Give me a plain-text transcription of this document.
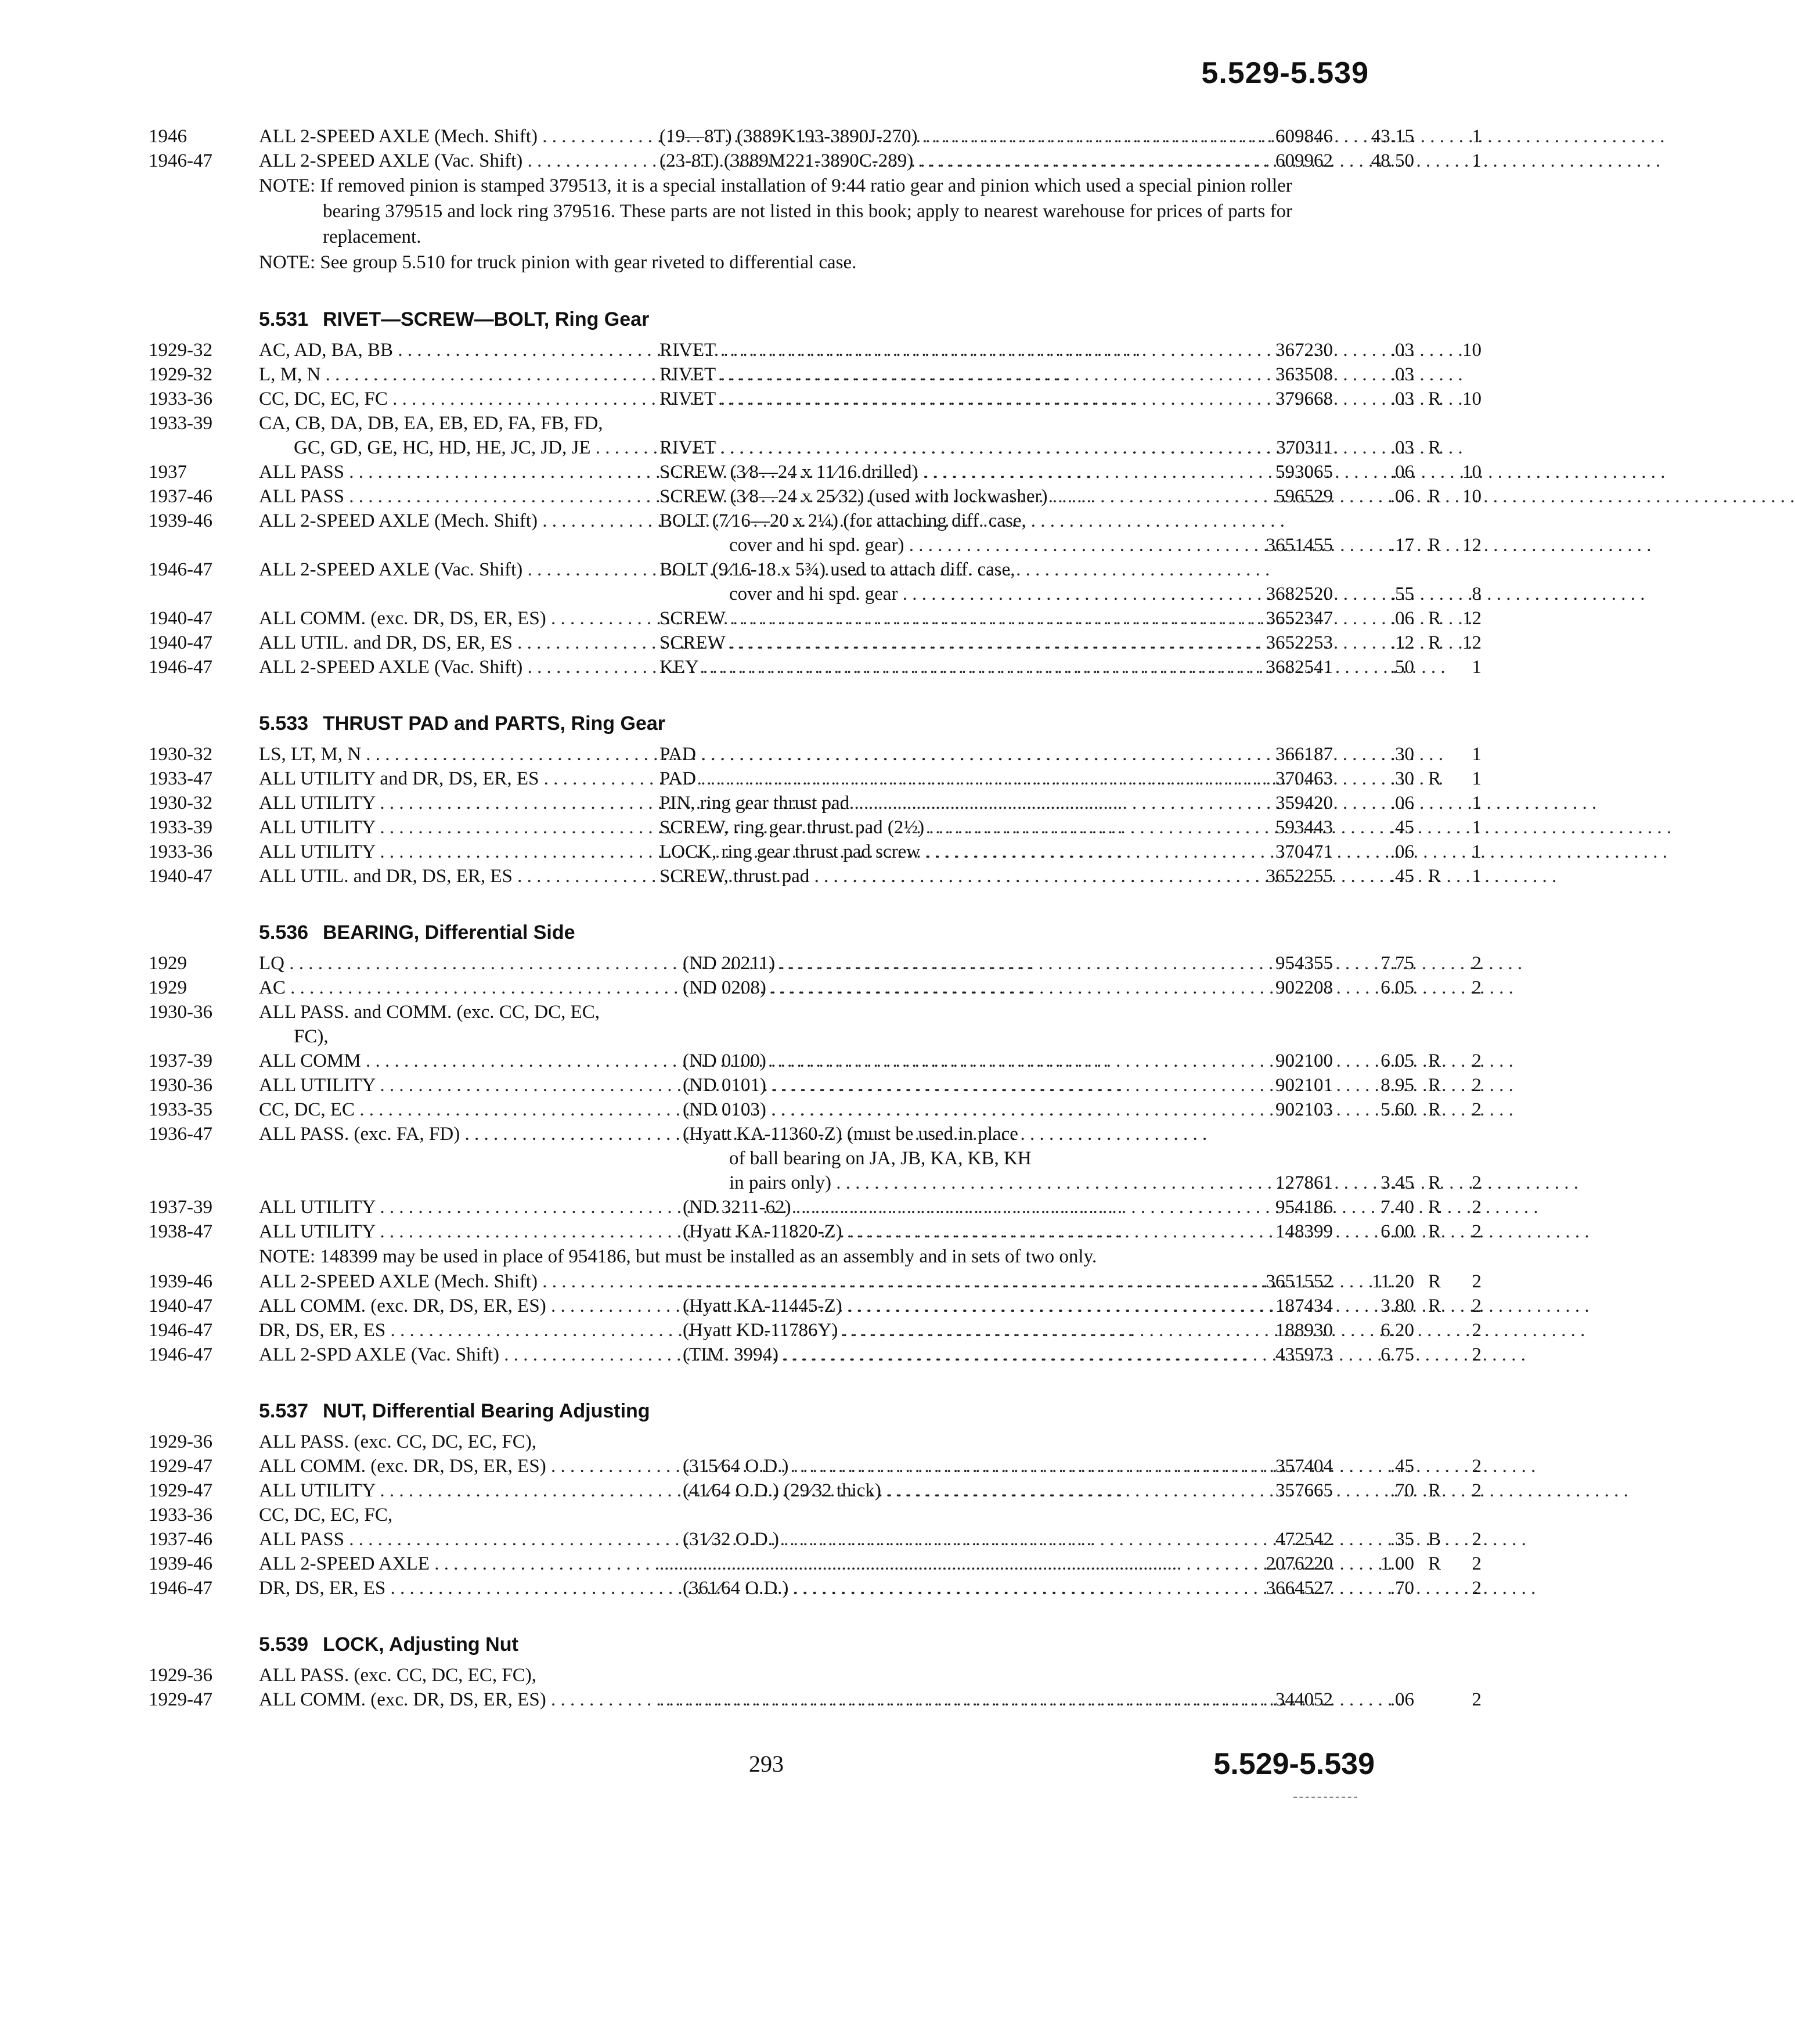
5.529-5.539
1946	ALL 2-SPEED AXLE (Mech. Shift) . . .	(19—8T) (3889K193-3890J-270) . . .	609846	43.15	1
1946-47	ALL 2-SPEED AXLE (Vac. Shift) . . .	(23-8T) (3889M221-3890C-289) . . .	609962	48.50	1
NOTE: If removed pinion is stamped 379513, it is a special installation of 9:44 ratio gear and pinion which used a special pinion roller bearing 379515 and lock ring 379516. These parts are not listed in this book; apply to nearest warehouse for prices of parts for replacement.
NOTE: See group 5.510 for truck pinion with gear riveted to differential case.
5.531 RIVET—SCREW—BOLT, Ring Gear
1929-32	AC, AD, BA, BB . . .	RIVET . . .	367230	.03	10
1929-32	L, M, N . . .	RIVET . . .	363508	.03
1933-36	CC, DC, EC, FC . . .	RIVET . . .	379668	.03 R	10
1933-39	CA, CB, DA, DB, EA, EB, ED, FA, FB, FD,
GC, GD, GE, HC, HD, HE, JC, JD, JE . . .	RIVET . . .	370311	.03 R
1937	ALL PASS . . .	SCREW (3⁄8—24 x 11⁄16 drilled) . . .	593065	.06	10
1937-46	ALL PASS . . .	SCREW (3⁄8—24 x 25⁄32) (used with lockwasher) . . .	596529	.06 R	10
1939-46	ALL 2-SPEED AXLE (Mech. Shift) . . .	BOLT (7⁄16—20 x 2¼) (for attaching diff. case,
cover and hi spd. gear) . . .	3651455	.17 R	12
1946-47	ALL 2-SPEED AXLE (Vac. Shift) . . .	BOLT (9⁄16-18 x 5¾) used to attach diff. case,
cover and hi spd. gear . . .	3682520	.55	8
1940-47	ALL COMM. (exc. DR, DS, ER, ES) . . .	SCREW . . .	3652347	.06 R	12
1940-47	ALL UTIL. and DR, DS, ER, ES . . .	SCREW . . .	3652253	.12 R	12
1946-47	ALL 2-SPEED AXLE (Vac. Shift) . . .	KEY . . .	3682541	.50	1
5.533 THRUST PAD and PARTS, Ring Gear
1930-32	LS, LT, M, N . . .	PAD . . .	366187	.30	1
1933-47	ALL UTILITY and DR, DS, ER, ES . . .	PAD . . .	370463	.30 R	1
1930-32	ALL UTILITY . . .	PIN, ring gear thrust pad . . .	359420	.06	1
1933-39	ALL UTILITY . . .	SCREW, ring gear thrust pad (2½) . . .	593443	.45	1
1933-36	ALL UTILITY . . .	LOCK, ring gear thrust pad screw . . .	370471	.06	1
1940-47	ALL UTIL. and DR, DS, ER, ES . . .	SCREW, thrust pad . . .	3652255	.45 R	1
5.536 BEARING, Differential Side
1929	LQ . . .	(ND 20211) . . .	954355	7.75	2
1929	AC . . .	(ND 0208) . . .	902208	6.05	2
1930-36	ALL PASS. and COMM. (exc. CC, DC, EC,
FC),
1937-39	ALL COMM . . .	(ND 0100) . . .	902100	6.05 R	2
1930-36	ALL UTILITY . . .	(ND 0101) . . .	902101	8.95 R	2
1933-35	CC, DC, EC . . .	(ND 0103) . . .	902103	5.60 R	2
1936-47	ALL PASS. (exc. FA, FD) . . .	(Hyatt KA-11360-Z) (must be used in place
of ball bearing on JA, JB, KA, KB, KH
in pairs only) . . .	127861	3.45 R	2
1937-39	ALL UTILITY . . .	(ND 3211-62) . . .	954186	7.40 R	2
1938-47	ALL UTILITY . . .	(Hyatt KA-11820-Z) . . .	148399	6.00 R	2
NOTE: 148399 may be used in place of 954186, but must be installed as an assembly and in sets of two only.
1939-46	ALL 2-SPEED AXLE (Mech. Shift) . . . . . .	3651552	11.20 R	2
1940-47	ALL COMM. (exc. DR, DS, ER, ES) . . .	(Hyatt KA-11445-Z) . . .	187434	3.80 R	2
1946-47	DR, DS, ER, ES . . .	(Hyatt KD-11786Y) . . .	188930	6.20	2
1946-47	ALL 2-SPD AXLE (Vac. Shift) . . .	(TIM. 3994) . . .	435973	6.75	2
5.537 NUT, Differential Bearing Adjusting
1929-36	ALL PASS. (exc. CC, DC, EC, FC),
1929-47	ALL COMM. (exc. DR, DS, ER, ES) . . .	(315⁄64 O.D.) . . .	357404	.45	2
1929-47	ALL UTILITY . . .	(41⁄64 O.D.) (29⁄32 thick) . . .	357665	.70 R	2
1933-36	CC, DC, EC, FC,
1937-46	ALL PASS . . .	(31⁄32 O.D.) . . .	472542	.35 B	2
1939-46	ALL 2-SPEED AXLE . . . . . .	2076220	1.00 R	2
1946-47	DR, DS, ER, ES . . .	(361⁄64 O.D.) . . .	3664527	.70	2
5.539 LOCK, Adjusting Nut
1929-36	ALL PASS. (exc. CC, DC, EC, FC),
1929-47	ALL COMM. (exc. DR, DS, ER, ES) . . . . . .	344052	.06	2
293	5.529-5.539
